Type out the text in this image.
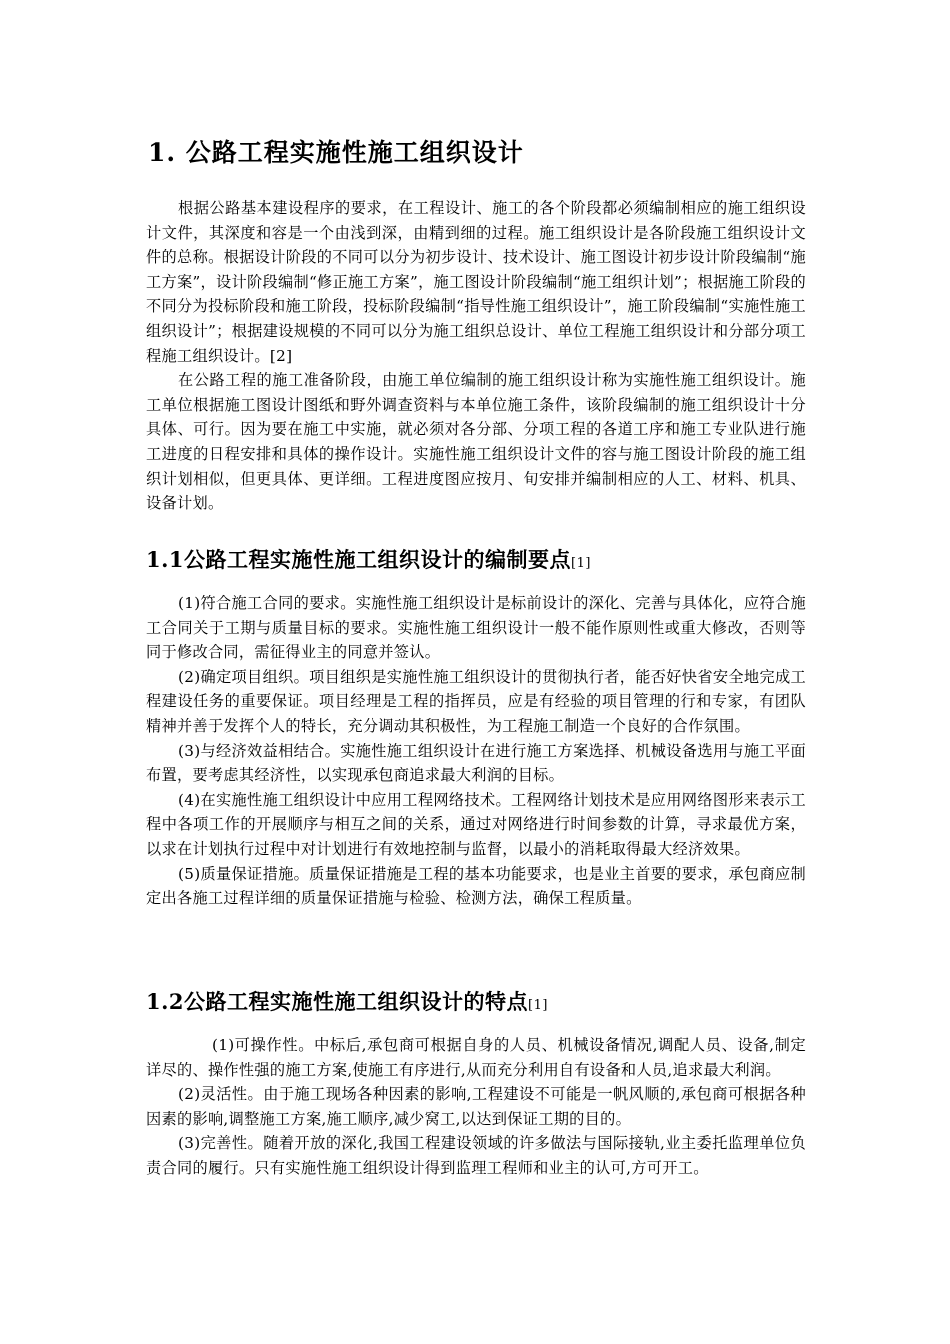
1. 公路工程实施性施工组织设计

根据公路基本建设程序的要求，在工程设计、施工的各个阶段都必须编制相应的施工组织设计文件，其深度和容是一个由浅到深，由精到细的过程。施工组织设计是各阶段施工组织设计文件的总称。根据设计阶段的不同可以分为初步设计、技术设计、施工图设计初步设计阶段编制“施工方案”，设计阶段编制“修正施工方案”，施工图设计阶段编制“施工组织计划”；根据施工阶段的不同分为投标阶段和施工阶段，投标阶段编制“指导性施工组织设计”，施工阶段编制“实施性施工组织设计”；根据建设规模的不同可以分为施工组织总设计、单位工程施工组织设计和分部分项工程施工组织设计。[2]

在公路工程的施工准备阶段，由施工单位编制的施工组织设计称为实施性施工组织设计。施工单位根据施工图设计图纸和野外调查资料与本单位施工条件，该阶段编制的施工组织设计十分具体、可行。因为要在施工中实施，就必须对各分部、分项工程的各道工序和施工专业队进行施工进度的日程安排和具体的操作设计。实施性施工组织设计文件的容与施工图设计阶段的施工组织计划相似，但更具体、更详细。工程进度图应按月、旬安排并编制相应的人工、材料、机具、设备计划。

1.1公路工程实施性施工组织设计的编制要点[1]

(1)符合施工合同的要求。实施性施工组织设计是标前设计的深化、完善与具体化，应符合施工合同关于工期与质量目标的要求。实施性施工组织设计一般不能作原则性或重大修改，否则等同于修改合同，需征得业主的同意并签认。

(2)确定项目组织。项目组织是实施性施工组织设计的贯彻执行者，能否好快省安全地完成工程建设任务的重要保证。项目经理是工程的指挥员，应是有经验的项目管理的行和专家，有团队精神并善于发挥个人的特长，充分调动其积极性，为工程施工制造一个良好的合作氛围。

(3)与经济效益相结合。实施性施工组织设计在进行施工方案选择、机械设备选用与施工平面布置，要考虑其经济性，以实现承包商追求最大利润的目标。

(4)在实施性施工组织设计中应用工程网络技术。工程网络计划技术是应用网络图形来表示工程中各项工作的开展顺序与相互之间的关系，通过对网络进行时间参数的计算，寻求最优方案，以求在计划执行过程中对计划进行有效地控制与监督，以最小的消耗取得最大经济效果。

(5)质量保证措施。质量保证措施是工程的基本功能要求，也是业主首要的要求，承包商应制定出各施工过程详细的质量保证措施与检验、检测方法，确保工程质量。

1.2公路工程实施性施工组织设计的特点[1]

(1)可操作性。中标后,承包商可根据自身的人员、机械设备情况,调配人员、设备,制定详尽的、操作性强的施工方案,使施工有序进行,从而充分利用自有设备和人员,追求最大利润。

(2)灵活性。由于施工现场各种因素的影响,工程建设不可能是一帆风顺的,承包商可根据各种因素的影响,调整施工方案,施工顺序,减少窝工,以达到保证工期的目的。

(3)完善性。随着开放的深化,我国工程建设领域的许多做法与国际接轨,业主委托监理单位负责合同的履行。只有实施性施工组织设计得到监理工程师和业主的认可,方可开工。
